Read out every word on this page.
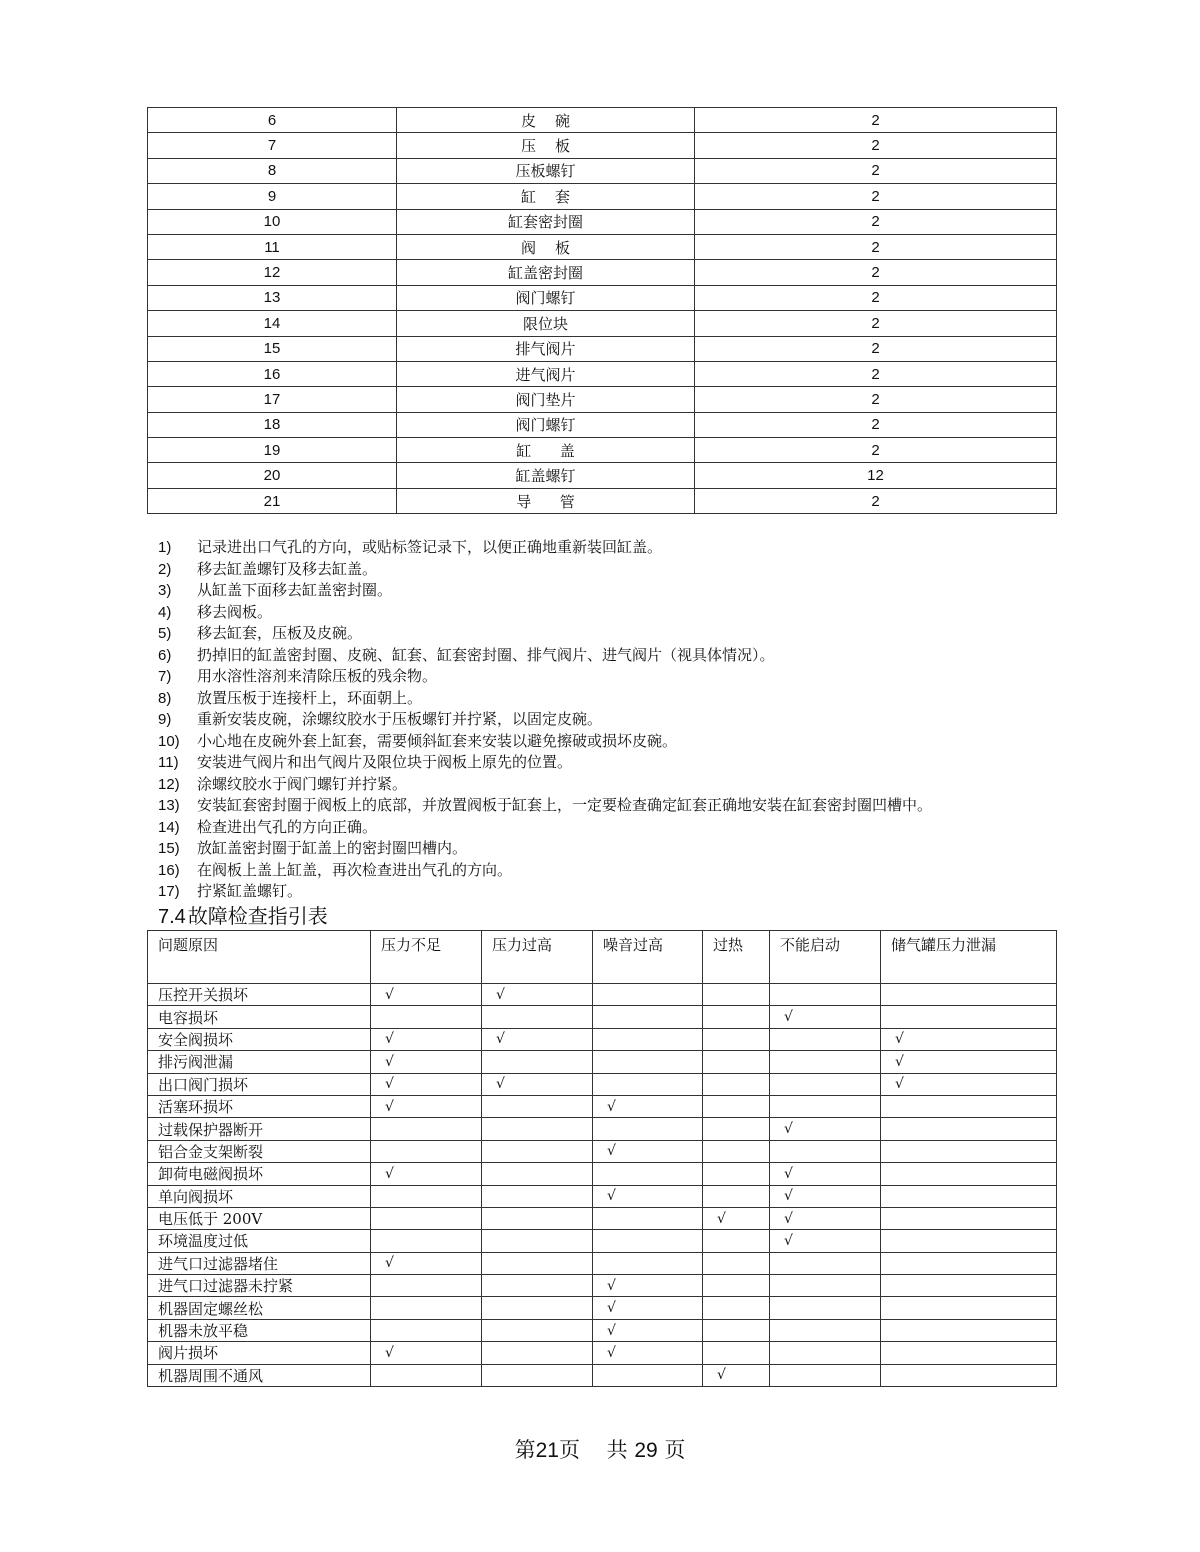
6	皮    碗	2
7	压    板	2
8	压板螺钉	2
9	缸    套	2
10	缸套密封圈	2
11	阀    板	2
12	缸盖密封圈	2
13	阀门螺钉	2
14	限位块	2
15	排气阀片	2
16	进气阀片	2
17	阀门垫片	2
18	阀门螺钉	2
19	缸      盖	2
20	缸盖螺钉	12
21	导      管	2
1) 记录进出口气孔的方向，或贴标签记录下，以便正确地重新装回缸盖。
2) 移去缸盖螺钉及移去缸盖。
3) 从缸盖下面移去缸盖密封圈。
4) 移去阀板。
5) 移去缸套，压板及皮碗。
6) 扔掉旧的缸盖密封圈、皮碗、缸套、缸套密封圈、排气阀片、进气阀片（视具体情况）。
7) 用水溶性溶剂来清除压板的残余物。
8) 放置压板于连接杆上，环面朝上。
9) 重新安装皮碗，涂螺纹胶水于压板螺钉并拧紧，以固定皮碗。
10) 小心地在皮碗外套上缸套，需要倾斜缸套来安装以避免擦破或损坏皮碗。
11) 安装进气阀片和出气阀片及限位块于阀板上原先的位置。
12) 涂螺纹胶水于阀门螺钉并拧紧。
13) 安装缸套密封圈于阀板上的底部，并放置阀板于缸套上，一定要检查确定缸套正确地安装在缸套密封圈凹槽中。
14) 检查进出气孔的方向正确。
15) 放缸盖密封圈于缸盖上的密封圈凹槽内。
16) 在阀板上盖上缸盖，再次检查进出气孔的方向。
17) 拧紧缸盖螺钉。
7.4  故障检查指引表
问题原因	压力不足	压力过高	噪音过高	过热	不能启动	储气罐压力泄漏
压控开关损坏	√	√				
电容损坏					√	
安全阀损坏	√	√				√
排污阀泄漏	√					√
出口阀门损坏	√	√				√
活塞环损坏	√		√			
过载保护器断开					√	
铝合金支架断裂			√			
卸荷电磁阀损坏	√				√	
单向阀损坏			√		√	
电压低于 200V				√	√	
环境温度过低					√	
进气口过滤器堵住	√					
进气口过滤器未拧紧			√			
机器固定螺丝松			√			
机器未放平稳			√			
阀片损坏	√		√			
机器周围不通风				√		
第21页    共 29 页
